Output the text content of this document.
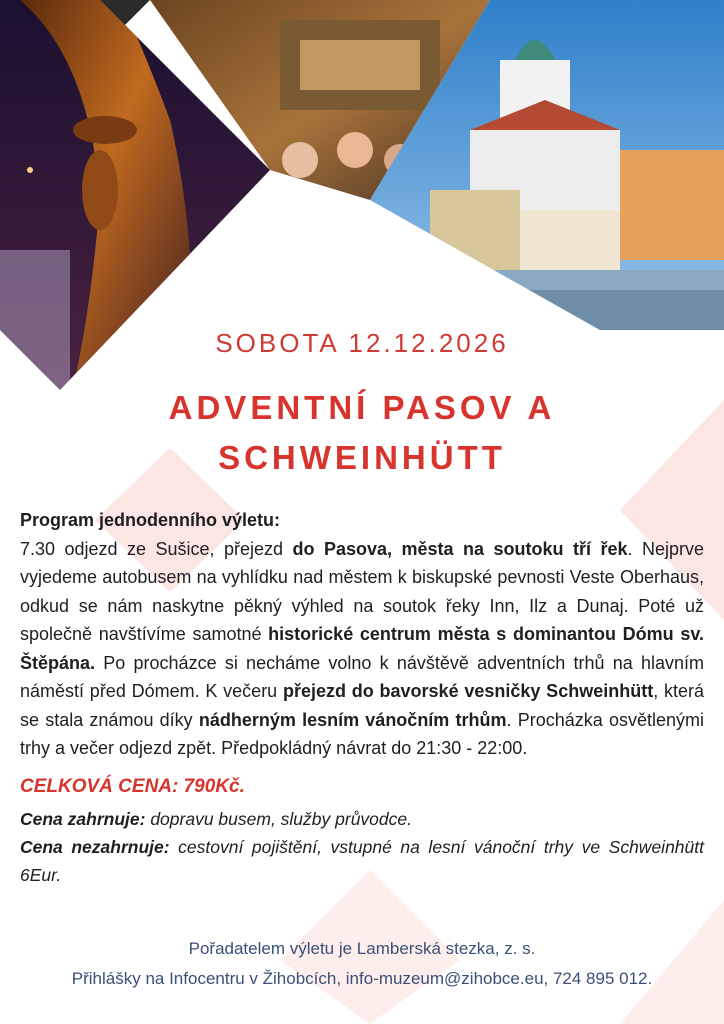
SOBOTA 12.12.2026
ADVENTNÍ PASOV A
SCHWEINHÜTT
Program jednodenního výletu:
7.30 odjezd ze Sušice, přejezd do Pasova, města na soutoku tří řek. Nejprve vyjedeme autobusem na vyhlídku nad městem k biskupské pevnosti Veste Oberhaus, odkud se nám naskytne pěkný výhled na soutok řeky Inn, Ilz a Dunaj. Poté už společně navštívíme samotné historické centrum města s dominantou Dómu sv. Štěpána. Po procházce si necháme volno k návštěvě adventních trhů na hlavním náměstí před Dómem. K večeru přejezd do bavorské vesničky Schweinhütt, která se stala známou díky nádherným lesním vánočním trhům. Procházka osvětlenými trhy a večer odjezd zpět. Předpokládný návrat do 21:30 - 22:00.
CELKOVÁ CENA: 790Kč.
Cena zahrnuje: dopravu busem, služby průvodce.
Cena nezahrnuje: cestovní pojištění, vstupné na lesní vánoční trhy ve Schweinhütt 6Eur.
Pořadatelem výletu je Lamberská stezka, z. s.
Přihlášky na Infocentru v Žihobcích, info-muzeum@zihobce.eu, 724 895 012.
